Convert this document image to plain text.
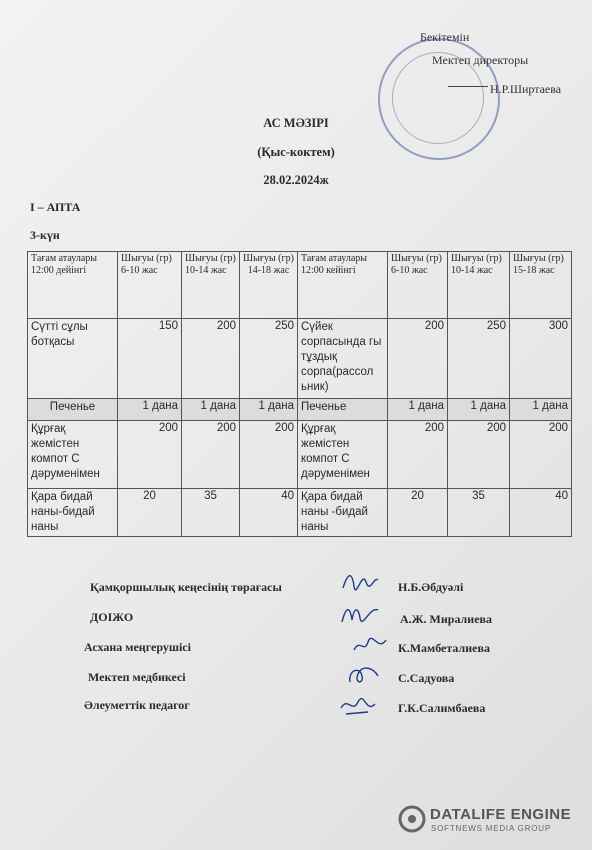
Бекітемін
Мектеп директоры
Н.Р.Ширтаева
АС МӘЗІРІ
(Қыс-коктем)
28.02.2024ж
I – АПТА
3-күн
Тағам атаулары 12:00 дейінгі	Шығуы (гр) 6-10 жас	Шығуы (гр) 10-14 жас	Шығуы (гр) 14-18 жас	Тағам атаулары 12:00 кейінгі	Шығуы (гр) 6-10 жас	Шығуы (гр) 10-14 жас	Шығуы (гр) 15-18 жас
Сүтті сұлы ботқасы	150	200	250	Сүйек сорпасында гы тұздық сорпа(рассол ьник)	200	250	300
Печенье	1 дана	1 дана	1 дана	Печенье	1 дана	1 дана	1 дана
Құрғақ жемістен компот С дәруменімен	200	200	200	Құрғақ жемістен компот С дәруменімен	200	200	200
Қара бидай наны-бидай наны	20	35	40	Қара бидай наны -бидай наны	20	35	40
Қамқоршылық кеңесінің төрағасы	Н.Б.Әбдуәлі
ДОІЖО	А.Ж. Миралиева
Асхана меңгерушісі	К.Мамбеталиева
Мектеп медбикесі	С.Садуова
Әлеуметтік педагог	Г.К.Салимбаева
DATALIFE ENGINE
SOFTNEWS MEDIA GROUP
